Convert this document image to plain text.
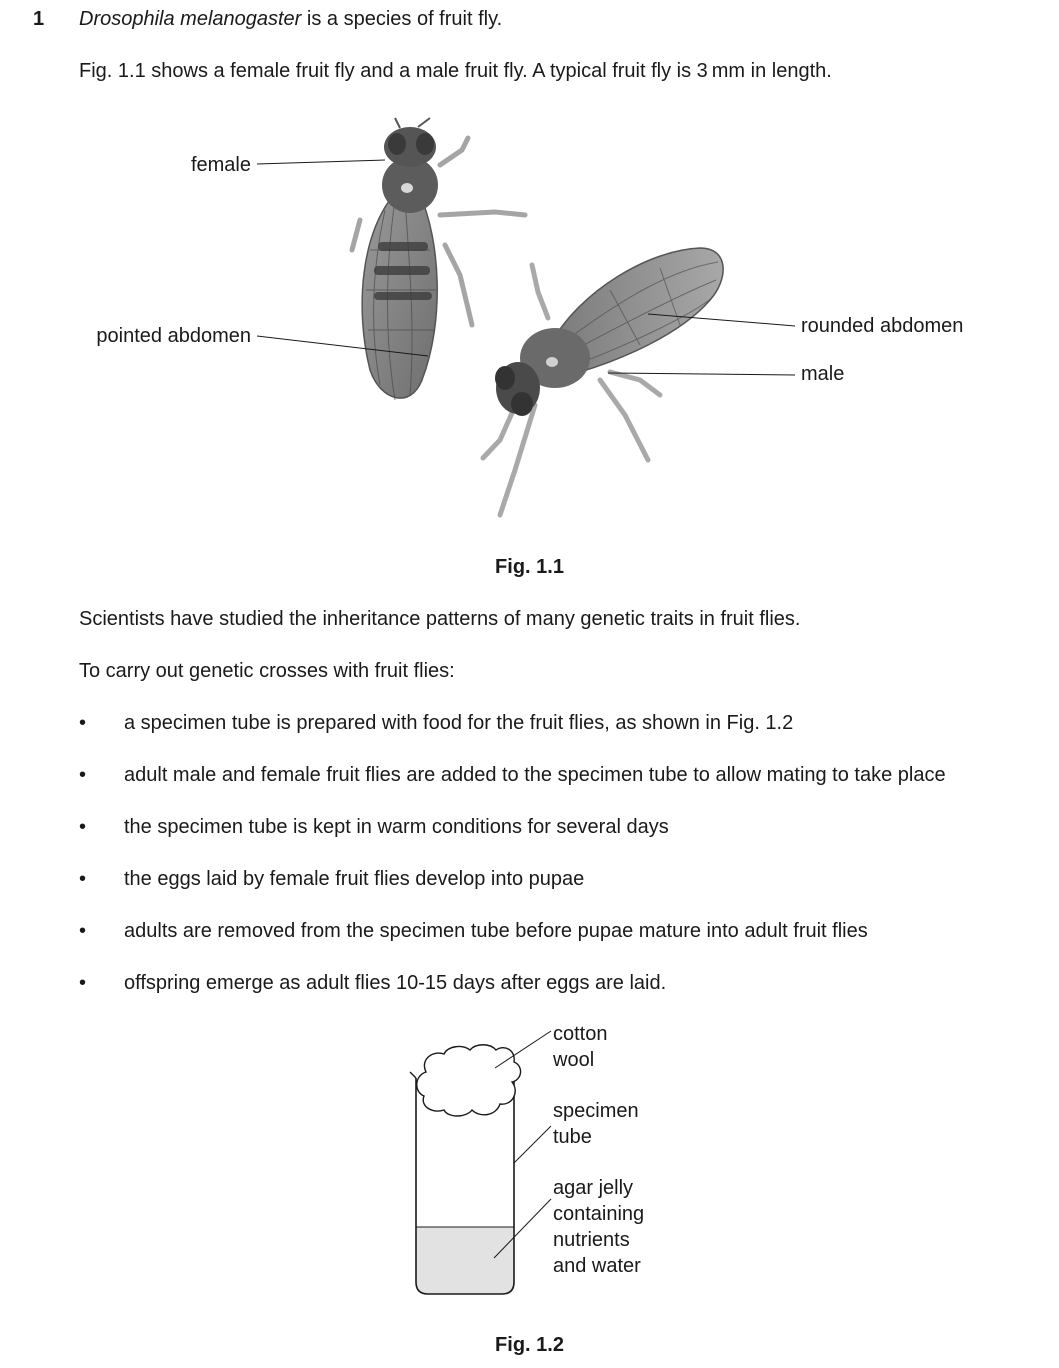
1 Drosophila melanogaster is a species of fruit fly.
Fig. 1.1 shows a female fruit fly and a male fruit fly. A typical fruit fly is 3 mm in length.
female
pointed abdomen	rounded abdomen
male
Fig. 1.1
Scientists have studied the inheritance patterns of many genetic traits in fruit flies.
To carry out genetic crosses with fruit flies:
• a specimen tube is prepared with food for the fruit flies, as shown in Fig. 1.2
• adult male and female fruit flies are added to the specimen tube to allow mating to take place
• the specimen tube is kept in warm conditions for several days
• the eggs laid by female fruit flies develop into pupae
• adults are removed from the specimen tube before pupae mature into adult fruit flies
• offspring emerge as adult flies 10-15 days after eggs are laid.
cotton
wool
specimen
tube
agar jelly
containing
nutrients
and water
Fig. 1.2
